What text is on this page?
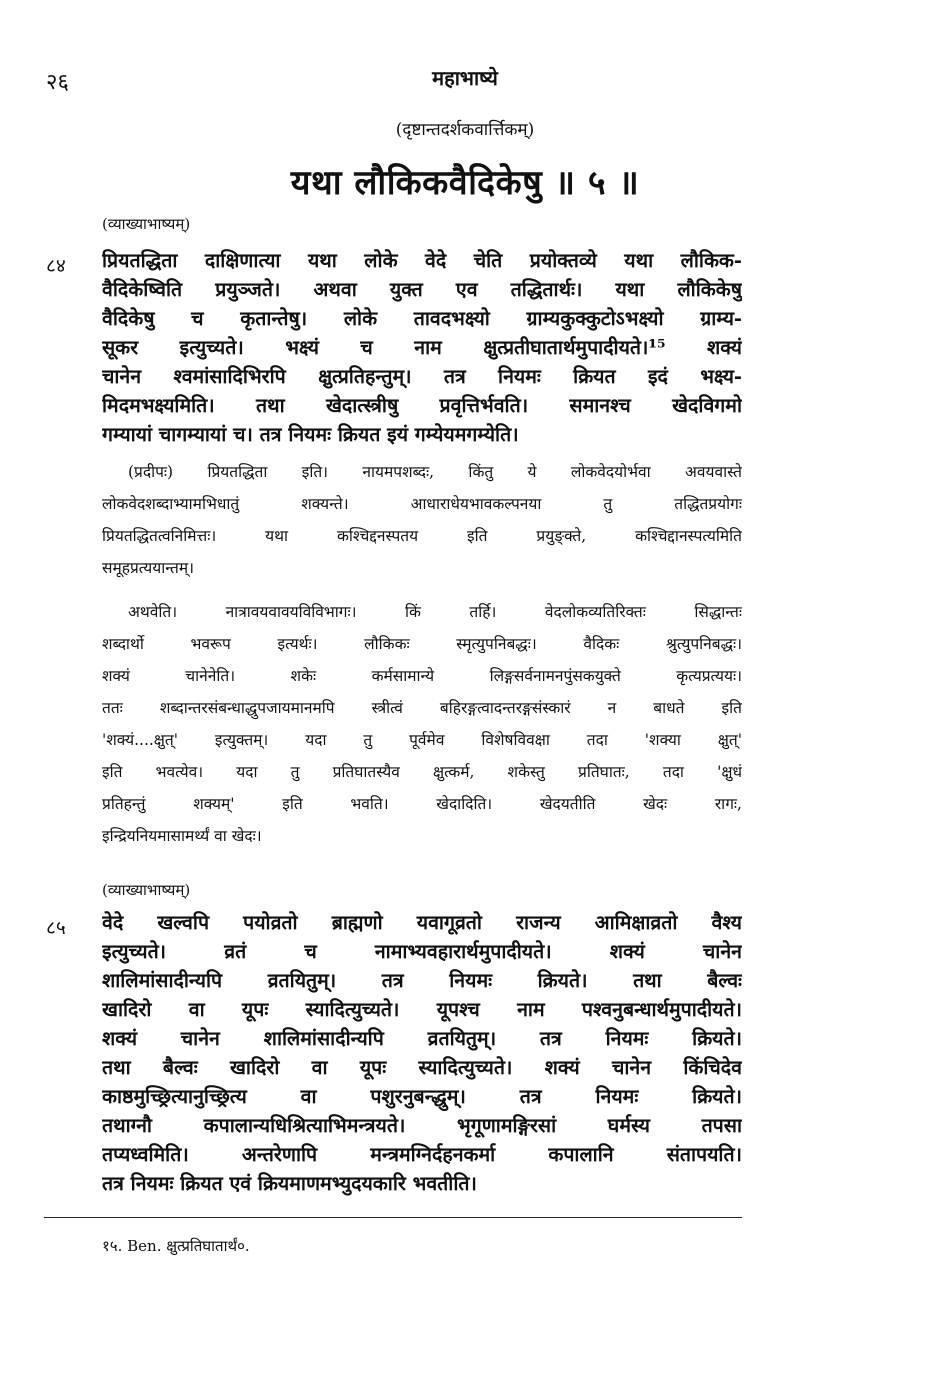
२६	महाभाष्ये
(दृष्टान्तदर्शकवार्त्तिकम्)
यथा लौकिकवैदिकेषु ॥ ५ ॥
(व्याख्याभाष्यम्)
८४ प्रियतद्धिता दाक्षिणात्या यथा लोके वेदे चेति प्रयोक्तव्ये यथा लौकिक-
वैदिकेष्विति प्रयुञ्जते। अथवा युक्त एव तद्धितार्थः। यथा लौकिकेषु
वैदिकेषु च कृतान्तेषु। लोके तावदभक्ष्यो ग्राम्यकुक्कुटोऽभक्ष्यो ग्राम्य-
सूकर इत्युच्यते। भक्ष्यं च नाम क्षुत्प्रतीघातार्थमुपादीयते।¹⁵ शक्यं
चानेन श्वमांसादिभिरपि क्षुत्प्रतिहन्तुम्। तत्र नियमः क्रियत इदं भक्ष्य-
मिदमभक्ष्यमिति। तथा खेदात्स्त्रीषु प्रवृत्तिर्भवति। समानश्च खेदविगमो
गम्यायां चागम्यायां च। तत्र नियमः क्रियत इयं गम्येयमगम्येति।
(प्रदीपः) प्रियतद्धिता इति। नायमपशब्दः, किंतु ये लोकवेदयोर्भवा अवयवास्ते
लोकवेदशब्दाभ्यामभिधातुं शक्यन्ते। आधाराधेयभावकल्पनया तु तद्धितप्रयोगः
प्रियतद्धितत्वनिमित्तः। यथा कश्चिद्दनस्पतय इति प्रयुङ्क्ते, कश्चिद्दानस्पत्यमिति
समूहप्रत्ययान्तम्।
अथवेति। नात्रावयवावयविविभागः। किं तर्हि। वेदलोकव्यतिरिक्तः सिद्धान्तः
शब्दार्थो भवरूप इत्यर्थः। लौकिकः स्मृत्युपनिबद्धः। वैदिकः श्रुत्युपनिबद्धः।
शक्यं चानेनेति। शकेः कर्मसामान्ये लिङ्गसर्वनामनपुंसकयुक्ते कृत्यप्रत्ययः।
ततः शब्दान्तरसंबन्धाद्धुपजायमानमपि स्त्रीत्वं बहिरङ्गत्वादन्तरङ्गसंस्कारं न बाधते इति
'शक्यं....क्षुत्' इत्युक्तम्। यदा तु पूर्वमेव विशेषविवक्षा तदा 'शक्या क्षुत्'
इति भवत्येव। यदा तु प्रतिघातस्यैव क्षुत्कर्म, शकेस्तु प्रतिघातः, तदा 'क्षुधं
प्रतिहन्तुं शक्यम्' इति भवति। खेदादिति। खेदयतीति खेदः रागः,
इन्द्रियनियमासामर्थ्यं वा खेदः।
(व्याख्याभाष्यम्)
८५ वेदे खल्वपि पयोव्रतो ब्राह्मणो यवागूव्रतो राजन्य आमिक्षाव्रतो वैश्य
इत्युच्यते। व्रतं च नामाभ्यवहारार्थमुपादीयते। शक्यं चानेन
शालिमांसादीन्यपि व्रतयितुम्। तत्र नियमः क्रियते। तथा बैल्वः
खादिरो वा यूपः स्यादित्युच्यते। यूपश्च नाम पश्वनुबन्धार्थमुपादीयते।
शक्यं चानेन शालिमांसादीन्यपि व्रतयितुम्। तत्र नियमः क्रियते।
तथा बैल्वः खादिरो वा यूपः स्यादित्युच्यते। शक्यं चानेन किंचिदेव
काष्ठमुच्छ्रित्यानुच्छ्रित्य वा पशुरनुबन्द्धुम्। तत्र नियमः क्रियते।
तथाग्नौ कपालान्यधिश्रित्याभिमन्त्रयते। भृगूणामङ्गिरसां घर्मस्य तपसा
तप्यध्वमिति। अन्तरेणापि मन्त्रमग्निर्दहनकर्मा कपालानि संतापयति।
तत्र नियमः क्रियत एवं क्रियमाणमभ्युदयकारि भवतीति।
१५. Ben. क्षुत्प्रतिघातार्थं०.
